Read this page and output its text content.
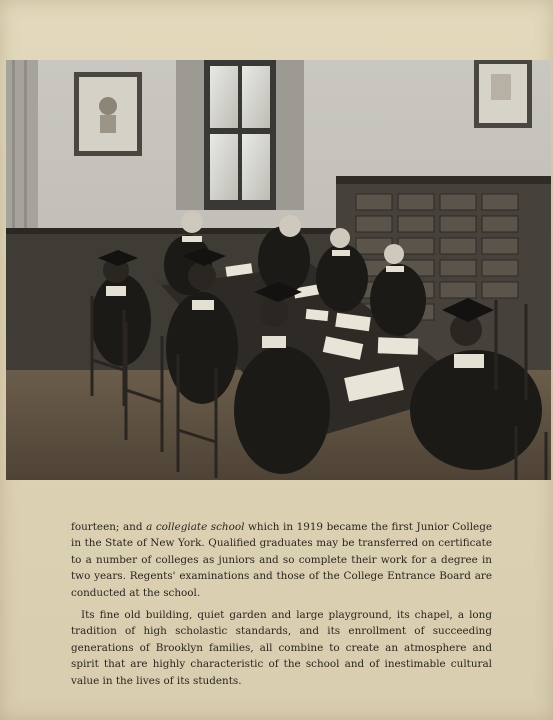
fourteen; and a collegiate school which in 1919 became the first Junior College in the State of New York. Qualified graduates may be transferred on certificate to a number of colleges as juniors and so complete their work for a degree in two years. Regents' examinations and those of the College Entrance Board are conducted at the school.

Its fine old building, quiet garden and large playground, its chapel, a long tradition of high scholastic standards, and its enrollment of succeeding generations of Brooklyn families, all combine to create an atmosphere and spirit that are highly characteristic of the school and of inestimable cultural value in the lives of its students.
